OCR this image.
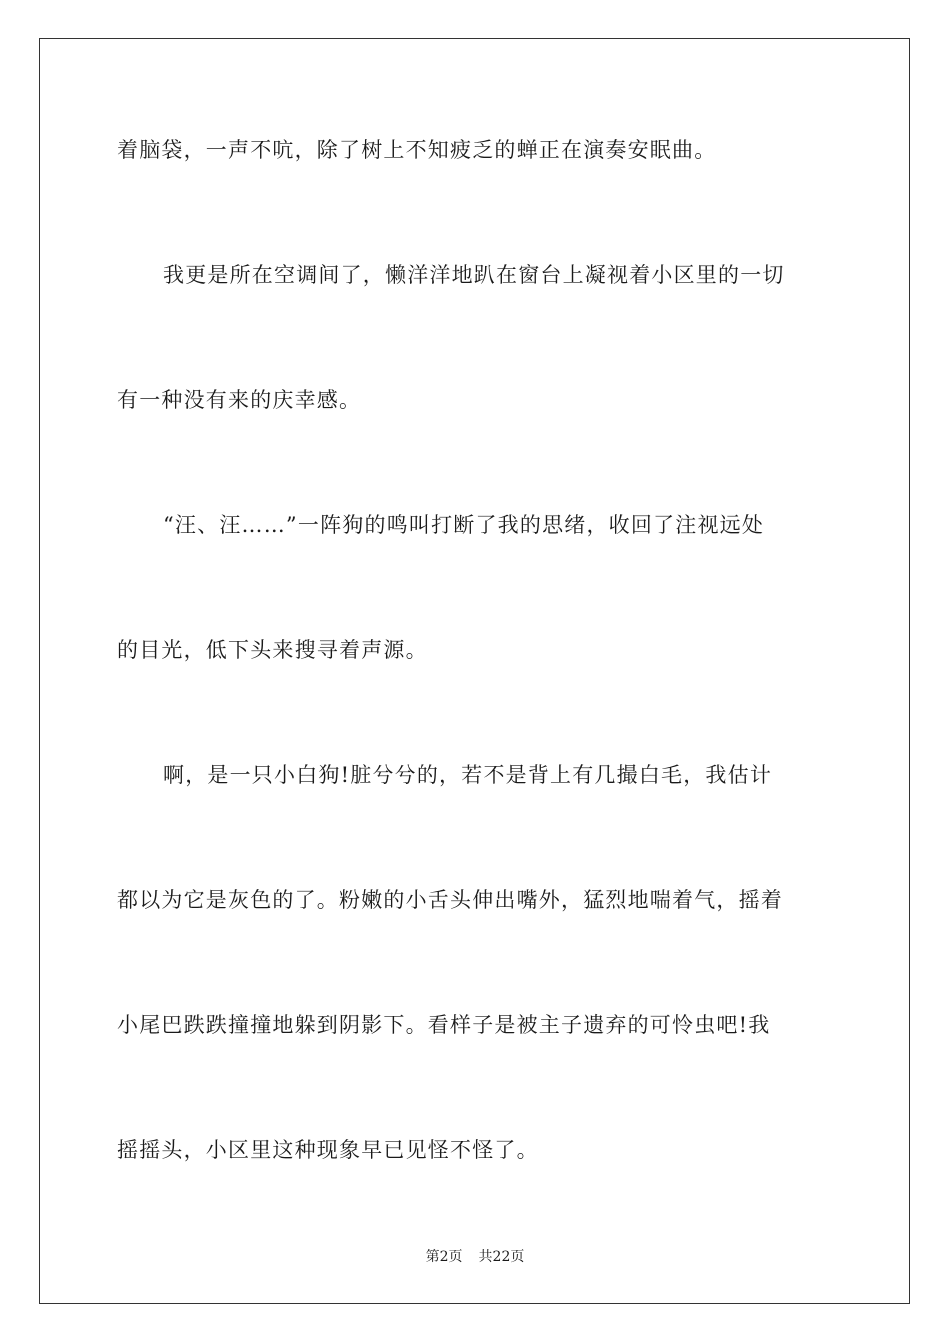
着脑袋，一声不吭，除了树上不知疲乏的蝉正在演奏安眠曲。
我更是所在空调间了，懒洋洋地趴在窗台上凝视着小区里的一切
有一种没有来的庆幸感。
“汪、汪……”一阵狗的鸣叫打断了我的思绪，收回了注视远处
的目光，低下头来搜寻着声源。
啊，是一只小白狗!脏兮兮的，若不是背上有几撮白毛，我估计
都以为它是灰色的了。粉嫩的小舌头伸出嘴外，猛烈地喘着气，摇着
小尾巴跌跌撞撞地躲到阴影下。看样子是被主子遗弃的可怜虫吧!我
摇摇头，小区里这种现象早已见怪不怪了。
第2页 共22页
